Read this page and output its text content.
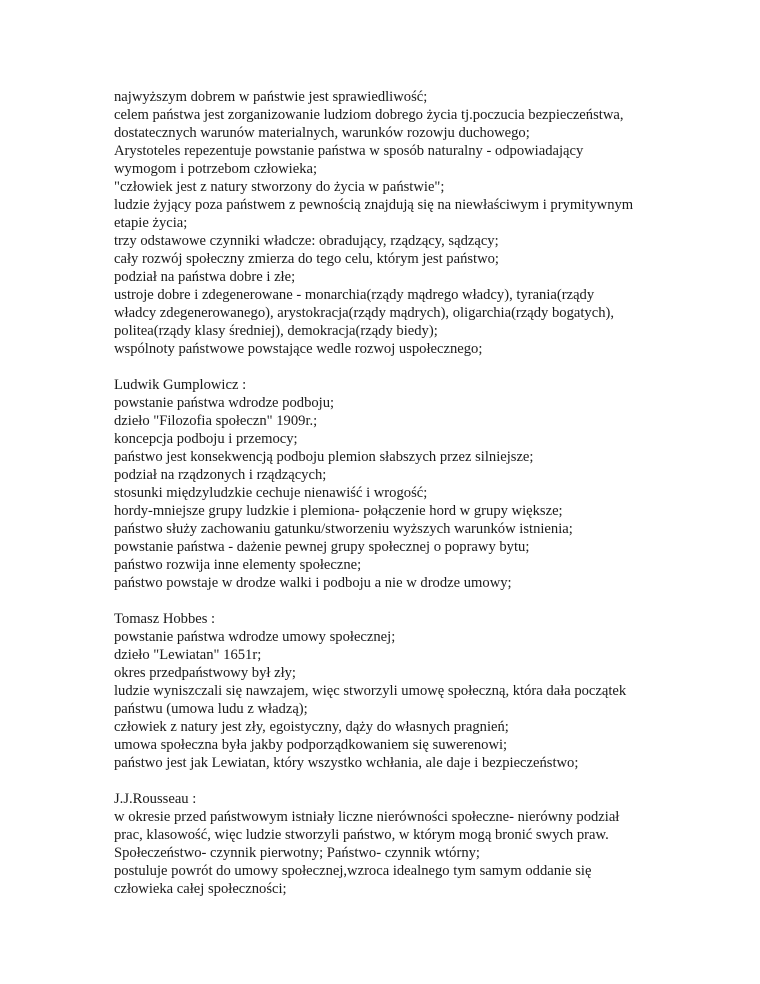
najwyższym dobrem w państwie jest sprawiedliwość;
celem państwa jest zorganizowanie ludziom dobrego życia tj.poczucia bezpieczeństwa,
dostatecznych warunów materialnych, warunków rozowju duchowego;
Arystoteles repezentuje powstanie państwa w sposób naturalny - odpowiadający
wymogom i potrzebom człowieka;
"człowiek jest z natury stworzony do życia w państwie";
ludzie żyjący poza państwem z pewnością znajdują się na niewłaściwym i prymitywnym
etapie życia;
trzy odstawowe czynniki władcze: obradujący, rządzący, sądzący;
cały rozwój społeczny zmierza do tego celu, którym jest państwo;
podział na państwa dobre i złe;
ustroje dobre i zdegenerowane - monarchia(rządy mądrego władcy), tyrania(rządy
władcy zdegenerowanego), arystokracja(rządy mądrych), oligarchia(rządy bogatych),
politea(rządy klasy średniej), demokracja(rządy biedy);
wspólnoty państwowe powstające wedle rozwoj uspołecznego;
Ludwik Gumplowicz :
powstanie państwa wdrodze podboju;
dzieło "Filozofia społeczn" 1909r.;
koncepcja podboju i przemocy;
państwo jest konsekwencją podboju plemion słabszych przez silniejsze;
podział na rządzonych i rządzących;
stosunki międzyludzkie cechuje nienawiść i wrogość;
hordy-mniejsze grupy ludzkie i plemiona- połączenie hord w grupy większe;
państwo służy zachowaniu gatunku/stworzeniu wyższych warunków istnienia;
powstanie państwa - dażenie pewnej grupy społecznej o poprawy bytu;
państwo rozwija inne elementy społeczne;
państwo powstaje w drodze walki i podboju a nie w drodze umowy;
Tomasz Hobbes :
powstanie państwa wdrodze umowy społecznej;
dzieło "Lewiatan" 1651r;
okres przedpaństwowy był zły;
ludzie wyniszczali się nawzajem, więc stworzyli umowę społeczną, która dała początek
państwu (umowa ludu z władzą);
człowiek z natury jest zły, egoistyczny, dąży do własnych pragnień;
umowa społeczna była jakby podporządkowaniem się suwerenowi;
państwo jest jak Lewiatan, który wszystko wchłania, ale daje i bezpieczeństwo;
J.J.Rousseau :
w okresie przed państwowym istniały liczne nierówności społeczne- nierówny podział
prac, klasowość, więc ludzie stworzyli państwo, w którym mogą bronić swych praw.
Społeczeństwo- czynnik pierwotny; Państwo- czynnik wtórny;
postuluje powrót do umowy społecznej,wzroca idealnego tym samym oddanie się
człowieka całej społeczności;
